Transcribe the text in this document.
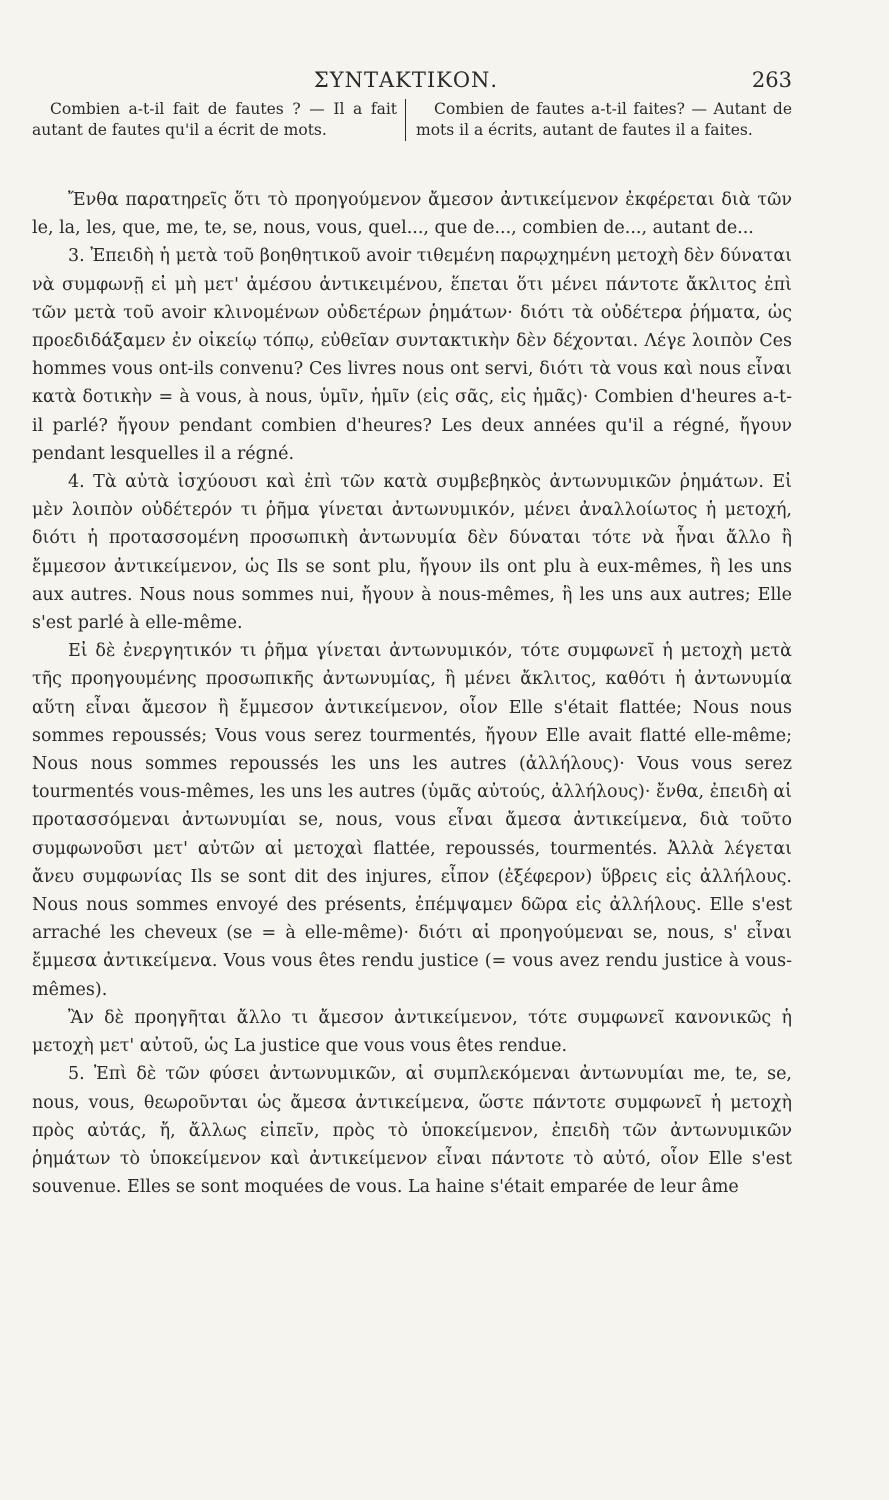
ΣΥΝΤΑΚΤΙΚΟΝ.	263
Combien a-t-il fait de fautes ? — Il a fait autant de fautes qu'il a écrit de mots.
Combien de fautes a-t-il faites? — Autant de mots il a écrits, autant de fautes il a faites.

Ἔνθα παρατηρεῖς ὅτι τὸ προηγούμενον ἄμεσον ἀντικείμενον ἐκφέρεται διὰ τῶν le, la, les, que, me, te, se, nous, vous, quel..., que de..., combien de..., autant de...

3. Ἐπειδὴ ἡ μετὰ τοῦ βοηθητικοῦ avoir τιθεμένη παρῳχημένη μετοχὴ δὲν δύναται νὰ συμφωνῇ εἰ μὴ μετ' ἀμέσου ἀντικειμένου, ἕπεται ὅτι μένει πάντοτε ἄκλιτος ἐπὶ τῶν μετὰ τοῦ avoir κλινομένων οὐδετέρων ῥημάτων· διότι τὰ οὐδέτερα ῥήματα, ὡς προεδιδάξαμεν ἐν οἰκείῳ τόπῳ, εὐθεῖαν συντακτικὴν δὲν δέχονται. Λέγε λοιπὸν Ces hommes vous ont-ils convenu? Ces livres nous ont servi, διότι τὰ vous καὶ nous εἶναι κατὰ δοτικὴν = à vous, à nous, ὑμῖν, ἡμῖν (εἰς σᾶς, εἰς ἡμᾶς)· Combien d'heures a-t-il parlé? ἤγουν pendant combien d'heures? Les deux années qu'il a régné, ἤγουν pendant lesquelles il a régné.

4. Τὰ αὐτὰ ἰσχύουσι καὶ ἐπὶ τῶν κατὰ συμβεβηκὸς ἀντωνυμικῶν ῥημάτων. Εἰ μὲν λοιπὸν οὐδέτερόν τι ῥῆμα γίνεται ἀντωνυμικόν, μένει ἀναλλοίωτος ἡ μετοχή, διότι ἡ προτασσομένη προσωπικὴ ἀντωνυμία δὲν δύναται τότε νὰ ἦναι ἄλλο ἢ ἔμμεσον ἀντικείμενον, ὡς Ils se sont plu, ἤγουν ils ont plu à eux-mêmes, ἢ les uns aux autres. Nous nous sommes nui, ἤγουν à nous-mêmes, ἢ les uns aux autres; Elle s'est parlé à elle-même.

Εἰ δὲ ἐνεργητικόν τι ῥῆμα γίνεται ἀντωνυμικόν, τότε συμφωνεῖ ἡ μετοχὴ μετὰ τῆς προηγουμένης προσωπικῆς ἀντωνυμίας, ἢ μένει ἄκλιτος, καθότι ἡ ἀντωνυμία αὕτη εἶναι ἄμεσον ἢ ἔμμεσον ἀντικείμενον, οἷον Elle s'était flattée; Nous nous sommes repoussés; Vous vous serez tourmentés, ἤγουν Elle avait flatté elle-même; Nous nous sommes repoussés les uns les autres (ἀλλήλους)· Vous vous serez tourmentés vous-mêmes, les uns les autres (ὑμᾶς αὐτούς, ἀλλήλους)· ἔνθα, ἐπειδὴ αἱ προτασσόμεναι ἀντωνυμίαι se, nous, vous εἶναι ἄμεσα ἀντικείμενα, διὰ τοῦτο συμφωνοῦσι μετ' αὐτῶν αἱ μετοχαὶ flattée, repoussés, tourmentés. Ἀλλὰ λέγεται ἄνευ συμφωνίας Ils se sont dit des injures, εἶπον (ἐξέφερον) ὕβρεις εἰς ἀλλήλους. Nous nous sommes envoyé des présents, ἐπέμψαμεν δῶρα εἰς ἀλλήλους. Elle s'est arraché les cheveux (se = à elle-même)· διότι αἱ προηγούμεναι se, nous, s' εἶναι ἔμμεσα ἀντικείμενα. Vous vous êtes rendu justice (= vous avez rendu justice à vous-mêmes).

Ἂν δὲ προηγῆται ἄλλο τι ἄμεσον ἀντικείμενον, τότε συμφωνεῖ κανονικῶς ἡ μετοχὴ μετ' αὐτοῦ, ὡς La justice que vous vous êtes rendue.

5. Ἐπὶ δὲ τῶν φύσει ἀντωνυμικῶν, αἱ συμπλεκόμεναι ἀντωνυμίαι me, te, se, nous, vous, θεωροῦνται ὡς ἄμεσα ἀντικείμενα, ὥστε πάντοτε συμφωνεῖ ἡ μετοχὴ πρὸς αὐτάς, ἤ, ἄλλως εἰπεῖν, πρὸς τὸ ὑποκείμενον, ἐπειδὴ τῶν ἀντωνυμικῶν ῥημάτων τὸ ὑποκείμενον καὶ ἀντικείμενον εἶναι πάντοτε τὸ αὐτό, οἷον Elle s'est souvenue. Elles se sont moquées de vous. La haine s'était emparée de leur âme
